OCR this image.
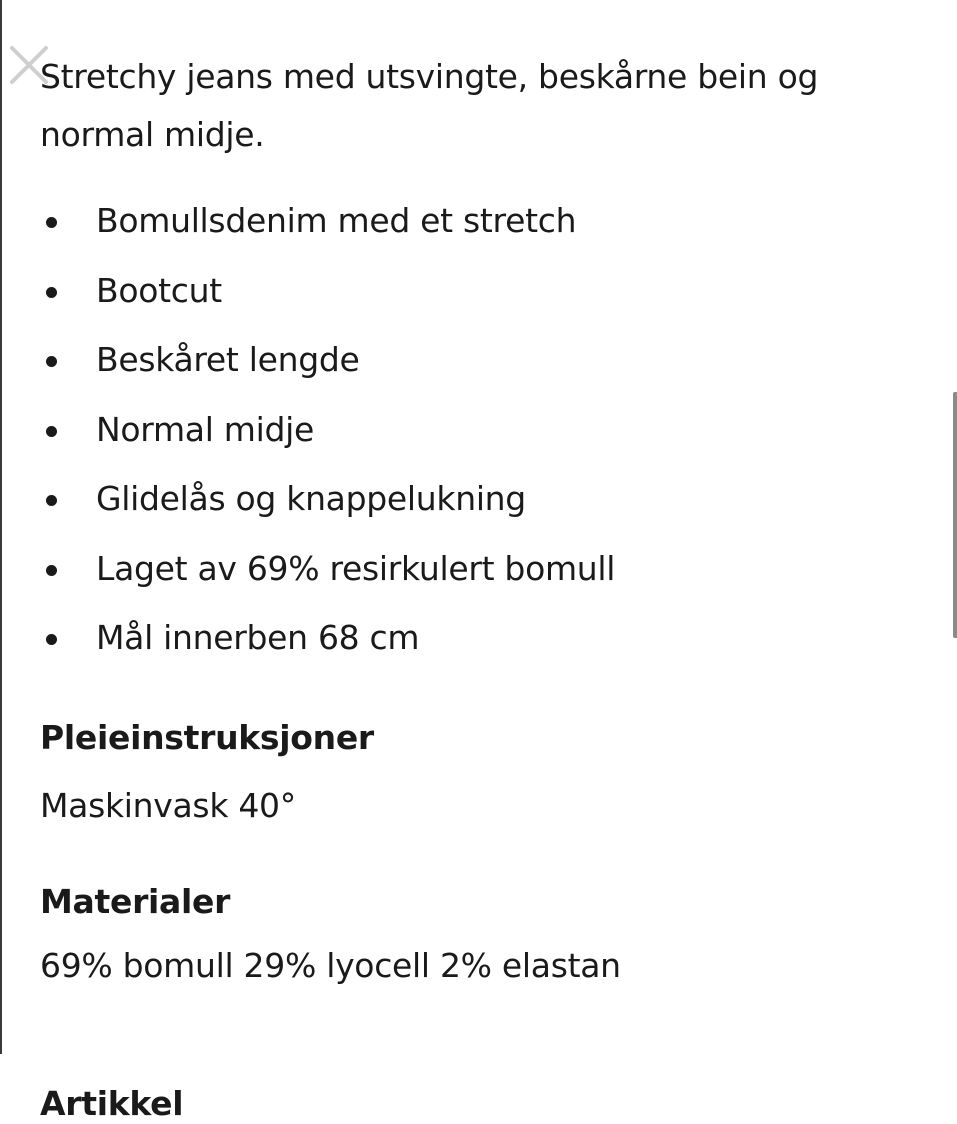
Stretchy jeans med utsvingte, beskårne bein og normal midje.

Bomullsdenim med et stretch
Bootcut
Beskåret lengde
Normal midje
Glidelås og knappelukning
Laget av 69% resirkulert bomull
Mål innerben 68 cm
Pleieinstruksjoner

Maskinvask 40°

Materialer

69% bomull 29% lyocell 2% elastan

Artikkel
